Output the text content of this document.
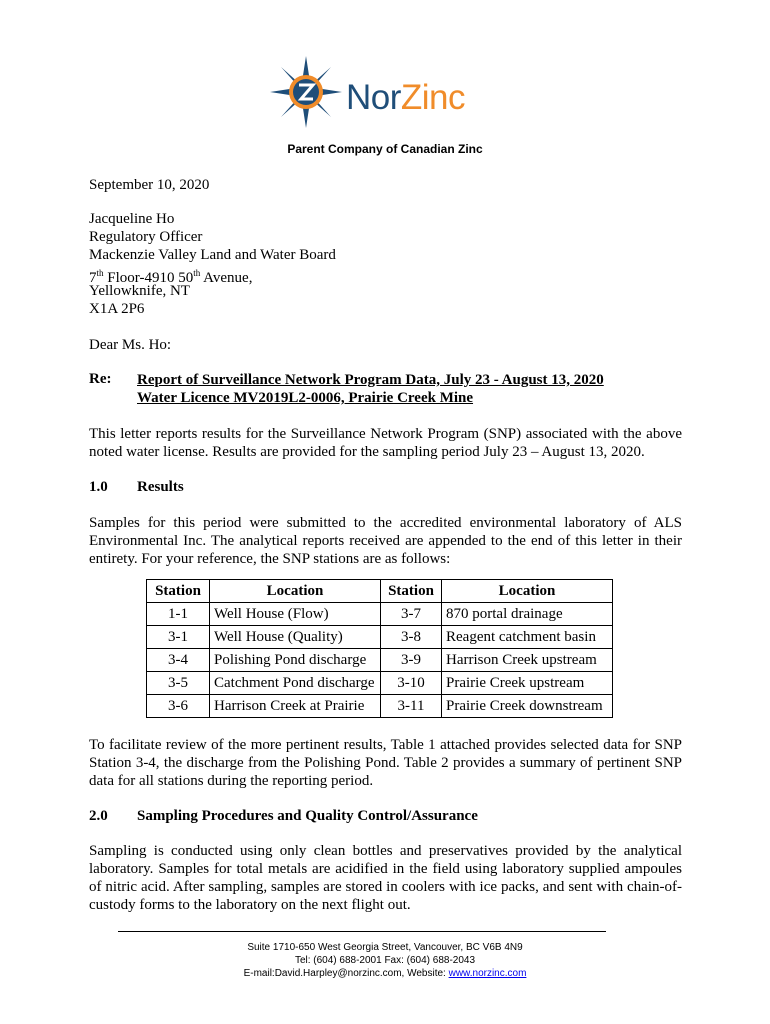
NorZinc
Parent Company of Canadian Zinc
September 10, 2020
Jacqueline Ho
Regulatory Officer
Mackenzie Valley Land and Water Board
7th Floor-4910 50th Avenue,
Yellowknife, NT
X1A 2P6
Dear Ms. Ho:
Re: Report of Surveillance Network Program Data, July 23 - August 13, 2020
Water Licence MV2019L2-0006, Prairie Creek Mine
This letter reports results for the Surveillance Network Program (SNP) associated with the above noted water license. Results are provided for the sampling period July 23 – August 13, 2020.
1.0 Results
Samples for this period were submitted to the accredited environmental laboratory of ALS Environmental Inc. The analytical reports received are appended to the end of this letter in their entirety. For your reference, the SNP stations are as follows:
Station	Location	Station	Location
1-1	Well House (Flow)	3-7	870 portal drainage
3-1	Well House (Quality)	3-8	Reagent catchment basin
3-4	Polishing Pond discharge	3-9	Harrison Creek upstream
3-5	Catchment Pond discharge	3-10	Prairie Creek upstream
3-6	Harrison Creek at Prairie	3-11	Prairie Creek downstream
To facilitate review of the more pertinent results, Table 1 attached provides selected data for SNP Station 3-4, the discharge from the Polishing Pond. Table 2 provides a summary of pertinent SNP data for all stations during the reporting period.
2.0 Sampling Procedures and Quality Control/Assurance
Sampling is conducted using only clean bottles and preservatives provided by the analytical laboratory. Samples for total metals are acidified in the field using laboratory supplied ampoules of nitric acid. After sampling, samples are stored in coolers with ice packs, and sent with chain-of-custody forms to the laboratory on the next flight out.
Suite 1710-650 West Georgia Street, Vancouver, BC V6B 4N9
Tel: (604) 688-2001 Fax: (604) 688-2043
E-mail:David.Harpley@norzinc.com, Website: www.norzinc.com
